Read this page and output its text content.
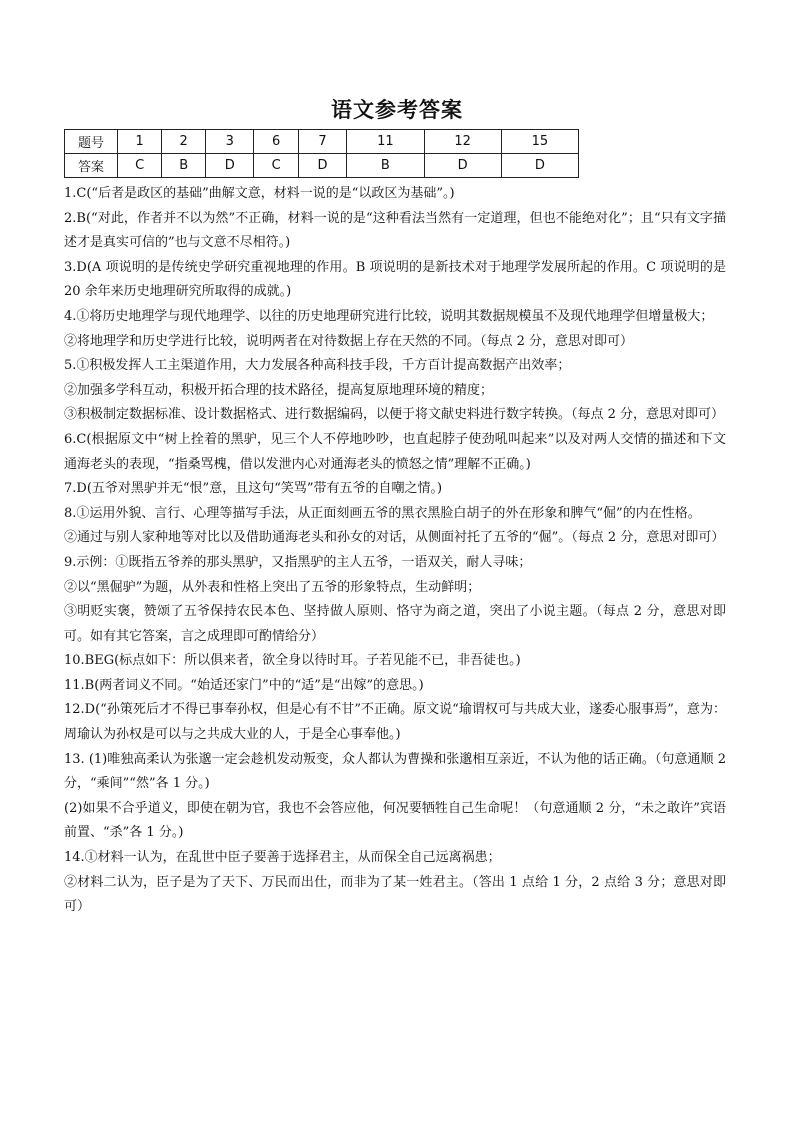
语文参考答案
题号	1	2	3	6	7	11	12	15
答案	C	B	D	C	D	B	D	D

1.C(“后者是政区的基础”曲解文意，材料一说的是“以政区为基础”。)

2.B(“对此，作者并不以为然”不正确，材料一说的是“这种看法当然有一定道理，但也不能绝对化”；且“只有文字描述才是真实可信的”也与文意不尽相符。)

3.D(A 项说明的是传统史学研究重视地理的作用。B 项说明的是新技术对于地理学发展所起的作用。C 项说明的是 20 余年来历史地理研究所取得的成就。)

4.①将历史地理学与现代地理学、以往的历史地理研究进行比较，说明其数据规模虽不及现代地理学但增量极大；

②将地理学和历史学进行比较，说明两者在对待数据上存在天然的不同。（每点 2 分，意思对即可）

5.①积极发挥人工主渠道作用，大力发展各种高科技手段，千方百计提高数据产出效率；

②加强多学科互动，积极开拓合理的技术路径，提高复原地理环境的精度；

③积极制定数据标准、设计数据格式、进行数据编码，以便于将文献史料进行数字转换。（每点 2 分，意思对即可）

6.C(根据原文中“树上拴着的黑驴，见三个人不停地吵吵，也直起脖子使劲吼叫起来”以及对两人交情的描述和下文通海老头的表现，“指桑骂槐，借以发泄内心对通海老头的愤怒之情”理解不正确。)

7.D(五爷对黑驴并无“恨”意，且这句“笑骂”带有五爷的自嘲之情。)

8.①运用外貌、言行、心理等描写手法，从正面刻画五爷的黑衣黑脸白胡子的外在形象和脾气“倔”的内在性格。

②通过与别人家种地等对比以及借助通海老头和孙女的对话，从侧面衬托了五爷的“倔”。（每点 2 分，意思对即可）

9.示例：①既指五爷养的那头黑驴，又指黑驴的主人五爷，一语双关，耐人寻味；

②以“黑倔驴”为题，从外表和性格上突出了五爷的形象特点，生动鲜明；

③明贬实褒，赞颂了五爷保持农民本色、坚持做人原则、恪守为商之道，突出了小说主题。（每点 2 分，意思对即可。如有其它答案，言之成理即可酌情给分）

10.BEG(标点如下：所以俱来者，欲全身以待时耳。子若见能不已，非吾徒也。)

11.B(两者词义不同。“始适还家门”中的“适”是“出嫁”的意思。)

12.D(“孙策死后才不得已事奉孙权，但是心有不甘”不正确。原文说“瑜谓权可与共成大业，遂委心服事焉”，意为：周瑜认为孙权是可以与之共成大业的人，于是全心事奉他。)

13. (1)唯独高柔认为张邈一定会趁机发动叛变，众人都认为曹操和张邈相互亲近，不认为他的话正确。（句意通顺 2 分，“乘间”“然”各 1 分。)

(2)如果不合乎道义，即使在朝为官，我也不会答应他，何况要牺牲自己生命呢！（句意通顺 2 分，“未之敢许”宾语前置、“杀”各 1 分。)

14.①材料一认为，在乱世中臣子要善于选择君主，从而保全自己远离祸患；

②材料二认为，臣子是为了天下、万民而出仕，而非为了某一姓君主。（答出 1 点给 1 分，2 点给 3 分；意思对即可）
